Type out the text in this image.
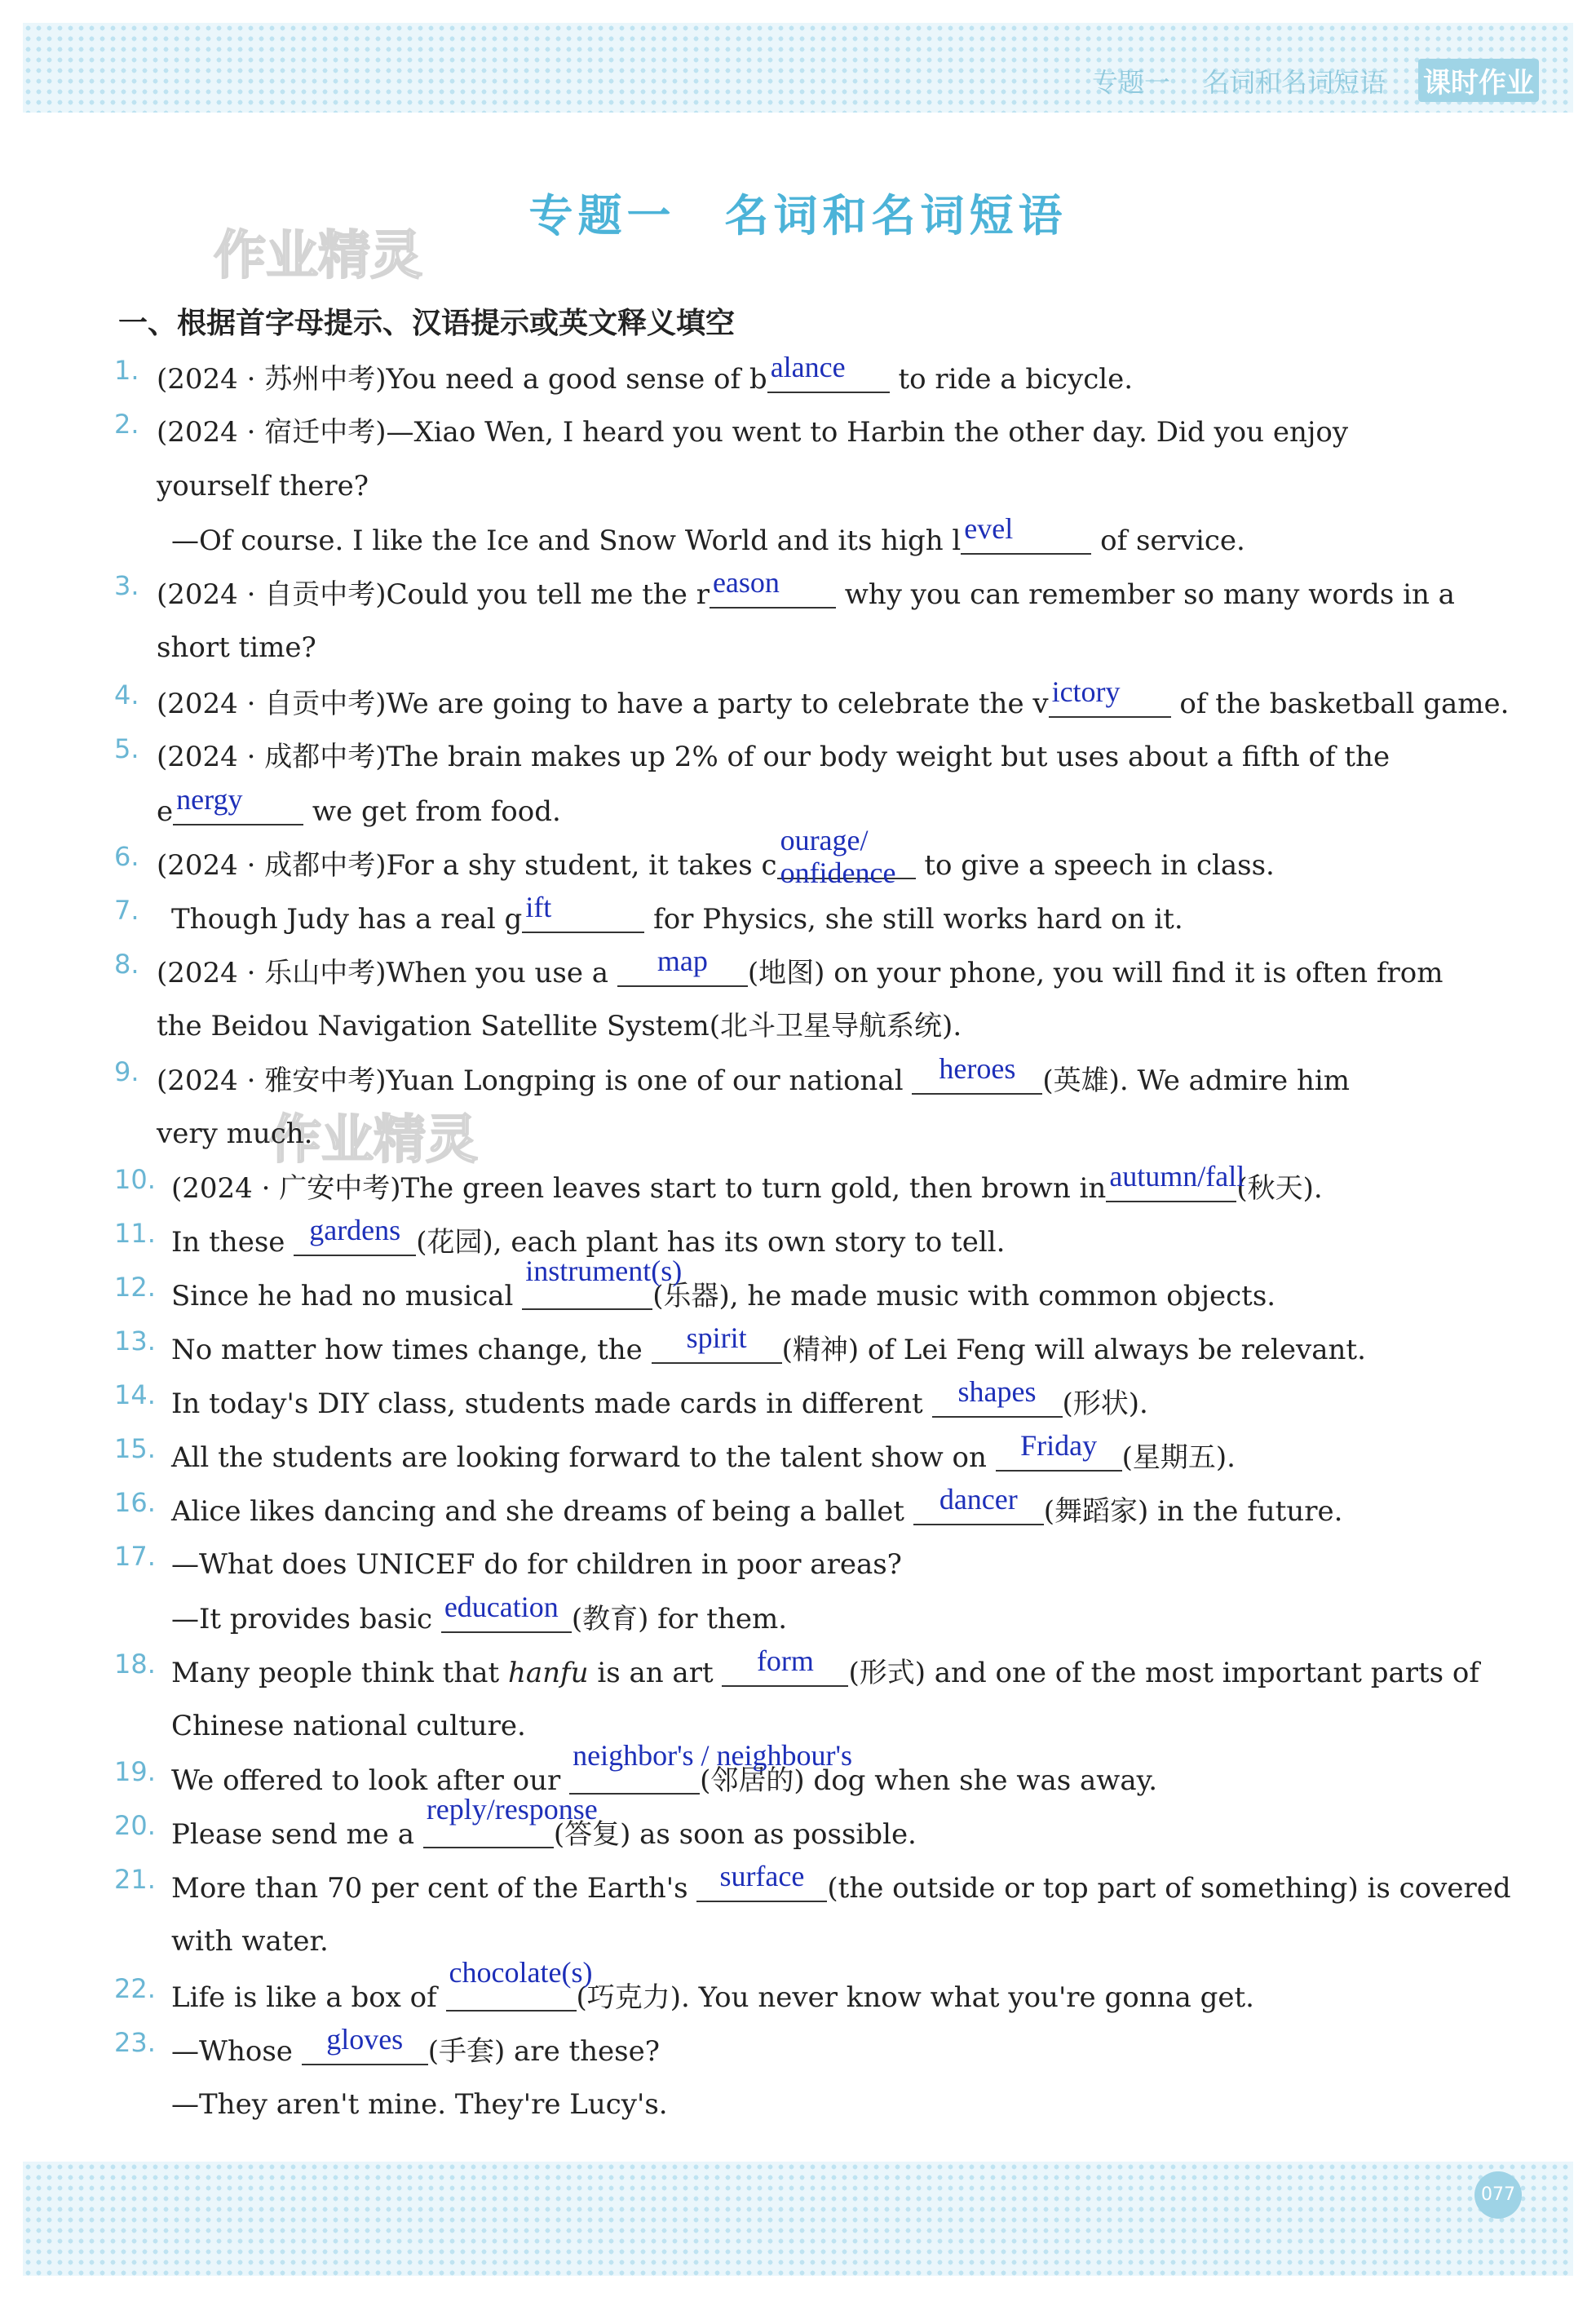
专题一 名词和名词短语 课时作业
作业精灵
作业精灵
专题一　名词和名词短语
一、根据首字母提示、汉语提示或英文释义填空
1. (2024 · 苏州中考)You need a good sense of b alance to ride a bicycle.
2. (2024 · 宿迁中考)—Xiao Wen, I heard you went to Harbin the other day. Did you enjoy
yourself there?
—Of course. I like the Ice and Snow World and its high l evel	of service.
3. (2024 · 自贡中考)Could you tell me the r eason why you can remember so many words in a
short time?
4. (2024 · 自贡中考)We are going to have a party to celebrate the v ictory of the basketball game.
5. (2024 · 成都中考)The brain makes up 2% of our body weight but uses about a fifth of the
e nergy we get from food.
6. (2024 · 成都中考)For a shy student, it takes c
ourage/
onfidence to give a speech in class.
7. Though Judy has a real g ift	for Physics, she still works hard on it.
8. (2024 · 乐山中考)When you use a	map	(地图) on your phone, you will find it is often from
the Beidou Navigation Satellite System(北斗卫星导航系统).
9. (2024 · 雅安中考)Yuan Longping is one of our national heroes (英雄). We admire him
very much.
10. (2024 · 广安中考)The green leaves start to turn gold, then brown in autumn/fall
(秋天).
11. In these gardens (花园), each plant has its own story to tell.
12. Since he had no musical
instrument(s)
(乐器), he made music with common objects.
13. No matter how times change, the	spirit	(精神) of Lei Feng will always be relevant.
14. In today's DIY class, students made cards in different shapes (形状).
15. All the students are looking forward to the talent show on Friday (星期五).
16. Alice likes dancing and she dreams of being a ballet dancer (舞蹈家) in the future.
17. —What does UNICEF do for children in poor areas?
—It provides basic education (教育) for them.
18. Many people think that hanfu is an art	form	(形式) and one of the most important parts of
Chinese national culture.
19. We offered to look after our
neighbor's / neighbour's
(邻居的) dog when she was away.
20. Please send me a
reply/response
(答复) as soon as possible.
21. More than 70 per cent of the Earth's surface (the outside or top part of something) is covered
with water.
22. Life is like a box of
chocolate(s)
(巧克力). You never know what you're gonna get.
23. —Whose gloves (手套) are these?
—They aren't mine. They're Lucy's.
077
